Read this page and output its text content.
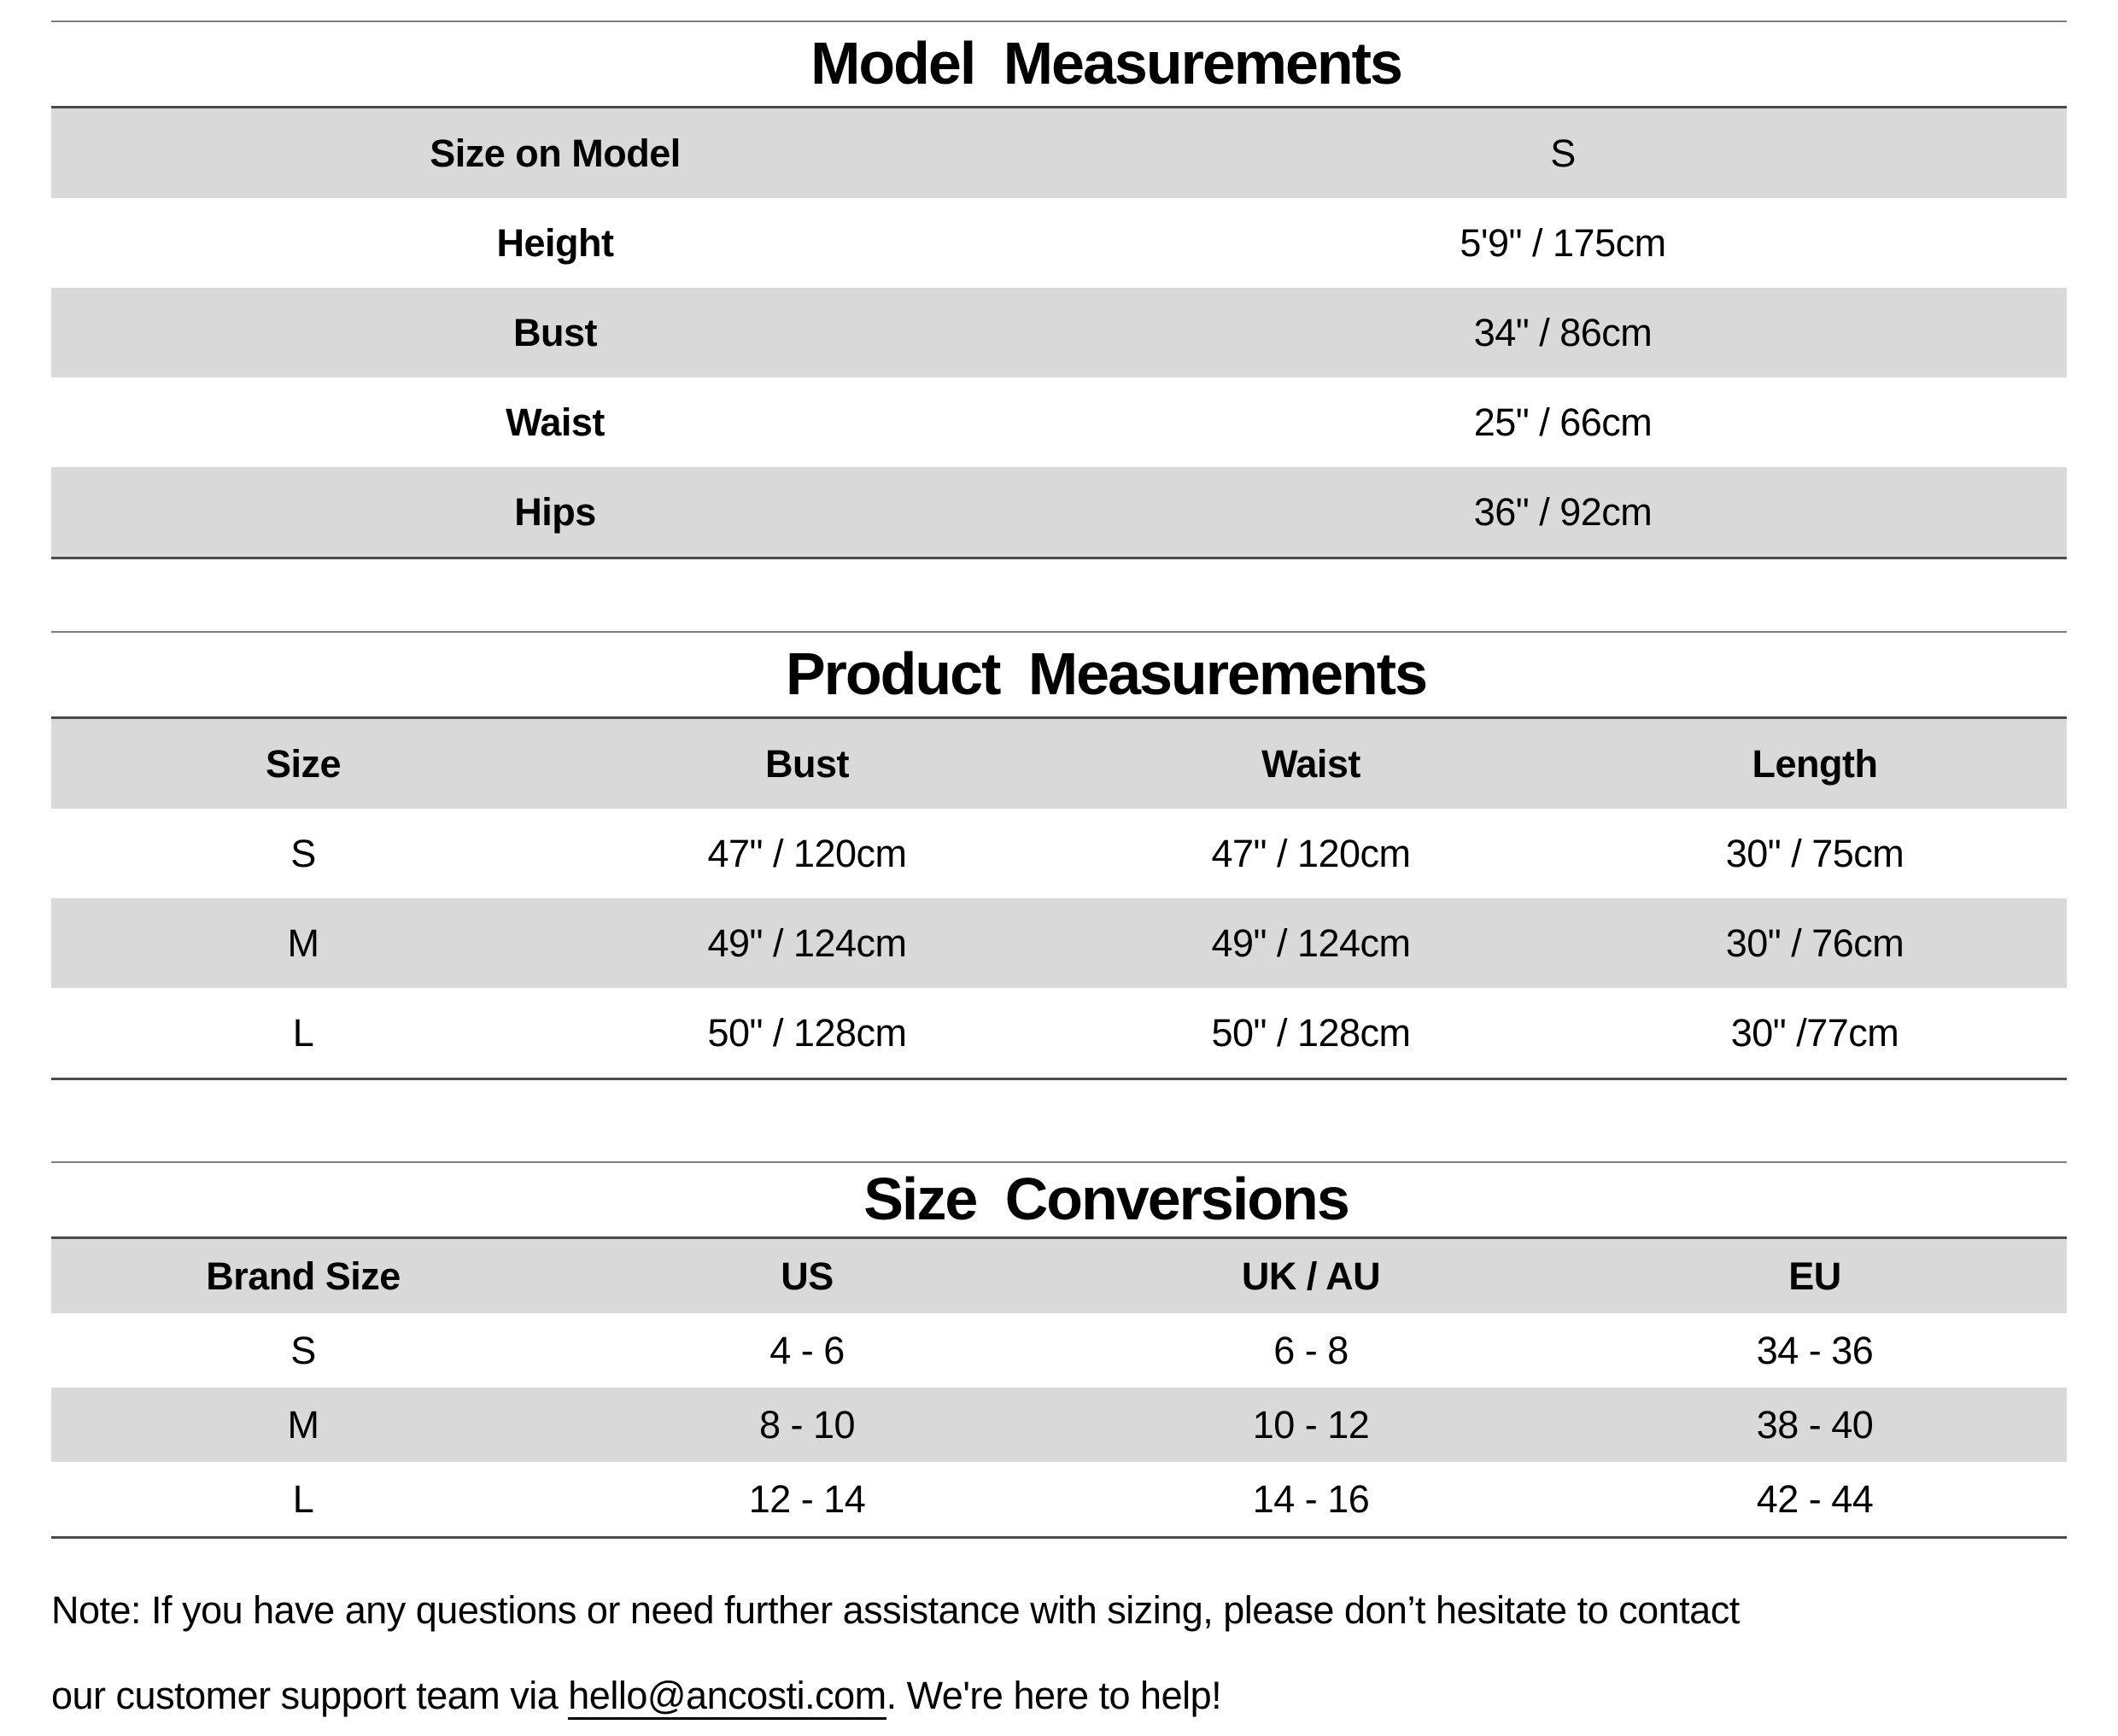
Model Measurements
Size on Model	S
Height	5'9" / 175cm
Bust	34" / 86cm
Waist	25" / 66cm
Hips	36" / 92cm
Product Measurements
Size	Bust	Waist	Length
S	47" / 120cm	47" / 120cm	30" / 75cm
M	49" / 124cm	49" / 124cm	30" / 76cm
L	50" / 128cm	50" / 128cm	30" /77cm
Size Conversions
Brand Size	US	UK / AU	EU
S	4 - 6	6 - 8	34 - 36
M	8 - 10	10 - 12	38 - 40
L	12 - 14	14 - 16	42 - 44
Note: If you have any questions or need further assistance with sizing, please don’t hesitate to contact
our customer support team via hello@ancosti.com. We're here to help!
